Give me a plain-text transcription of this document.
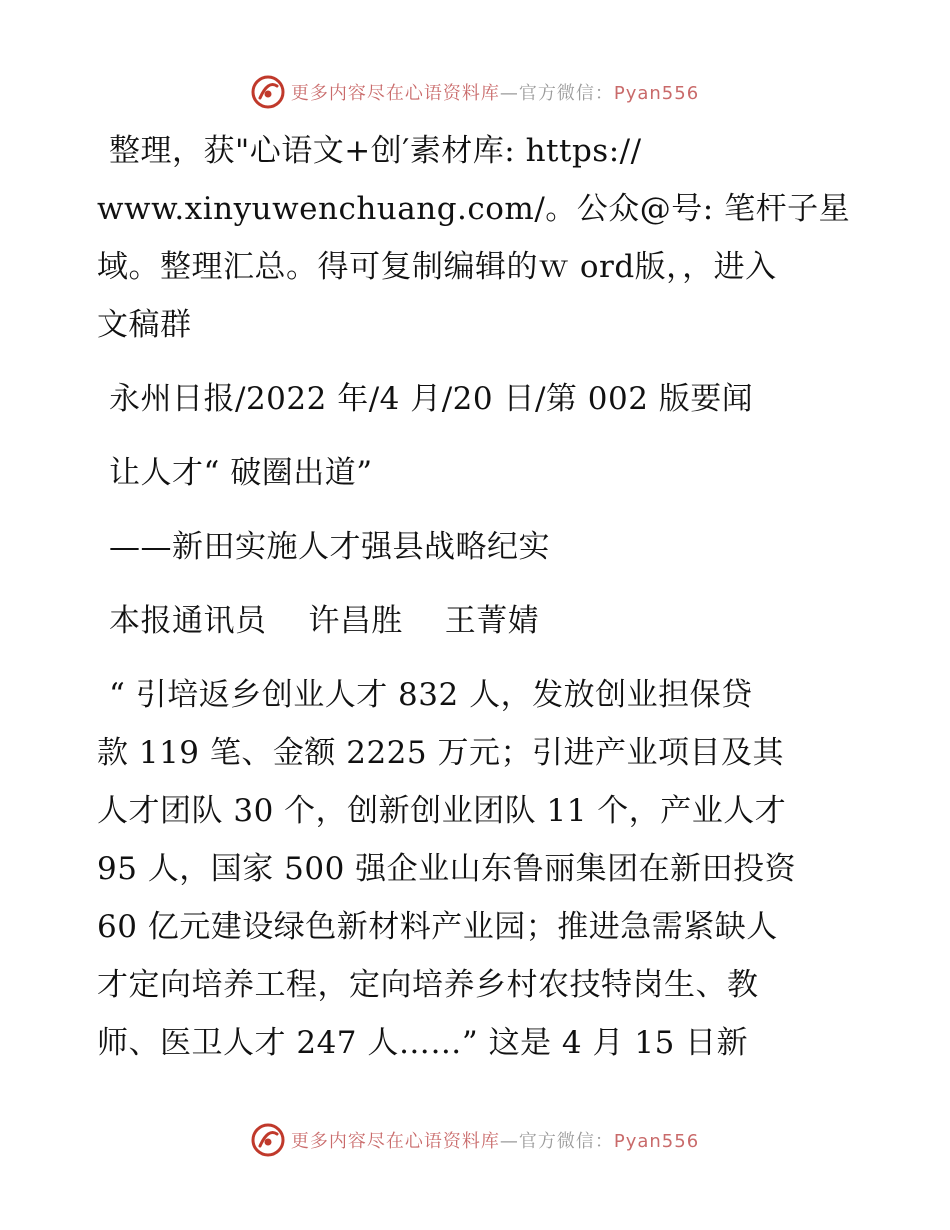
更多内容尽在心语资料库—官方微信：Pyan556
整理，获"心语文+创′素材库: https://
www.xinyuwenchuang.com/。公众@号: 笔杆子星
域。整理汇总。得可复制编辑的ｗ ord版，，进入
文稿群
永州日报/2022 年/4 月/20 日/第 002 版要闻
让人才“ 破圈出道”
——新田实施人才强县战略纪实
本报通讯员　 许昌胜　 王菁婧
“ 引培返乡创业人才 832 人，发放创业担保贷
款 119 笔、金额 2225 万元；引进产业项目及其
人才团队 30 个，创新创业团队 11 个，产业人才
95 人，国家 500 强企业山东鲁丽集团在新田投资
60 亿元建设绿色新材料产业园；推进急需紧缺人
才定向培养工程，定向培养乡村农技特岗生、教
师、医卫人才 247 人……” 这是 4 月 15 日新
更多内容尽在心语资料库—官方微信：Pyan556
